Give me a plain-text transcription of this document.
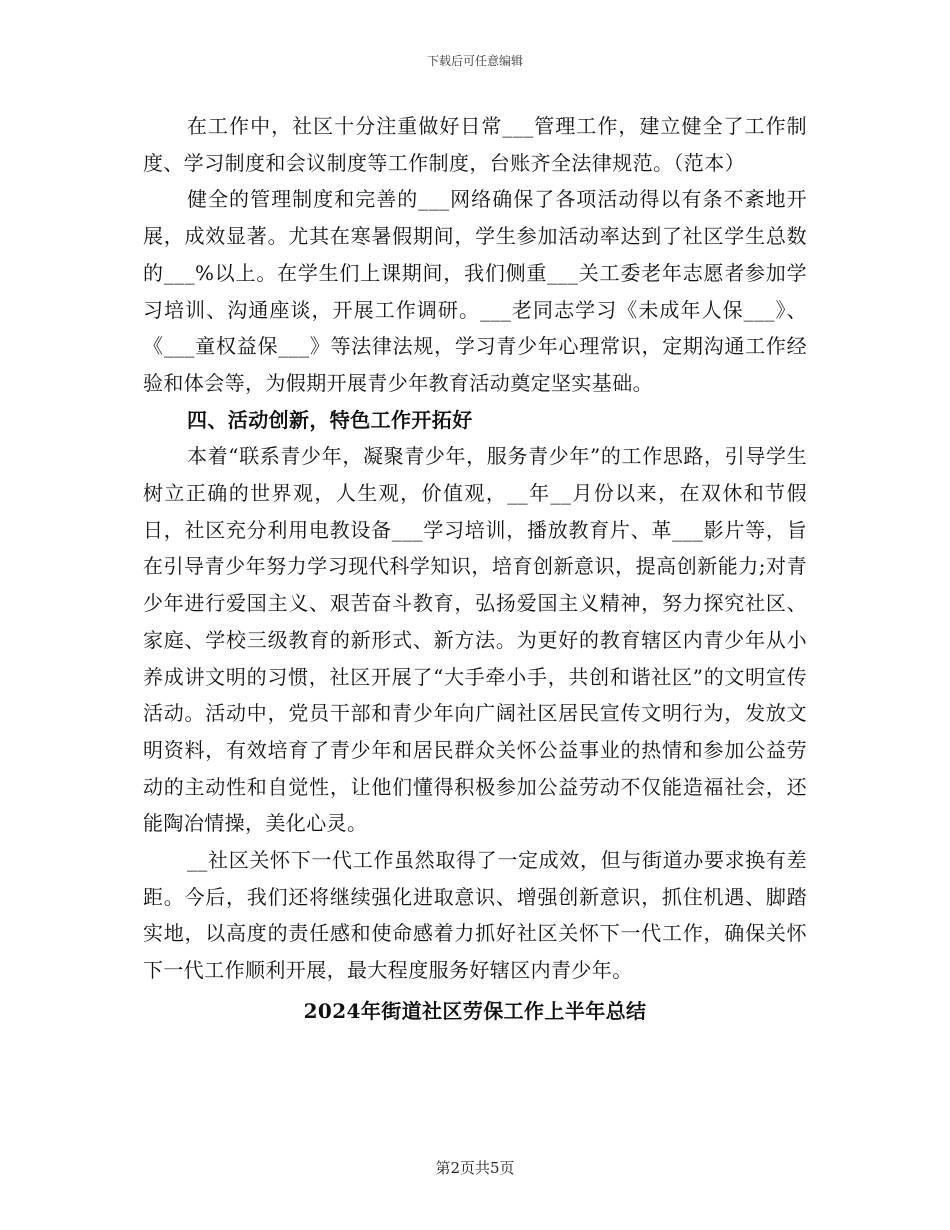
下载后可任意编辑

在工作中，社区十分注重做好日常___管理工作，建立健全了工作制度、学习制度和会议制度等工作制度，台账齐全法律规范。（范本）

健全的管理制度和完善的___网络确保了各项活动得以有条不紊地开展，成效显著。尤其在寒暑假期间，学生参加活动率达到了社区学生总数的___%以上。在学生们上课期间，我们侧重___关工委老年志愿者参加学习培训、沟通座谈，开展工作调研。___老同志学习《未成年人保___》、《___童权益保___》等法律法规，学习青少年心理常识，定期沟通工作经验和体会等，为假期开展青少年教育活动奠定坚实基础。

四、活动创新，特色工作开拓好

本着“联系青少年，凝聚青少年，服务青少年”的工作思路，引导学生树立正确的世界观，人生观，价值观，__年__月份以来，在双休和节假日，社区充分利用电教设备___学习培训，播放教育片、革___影片等，旨在引导青少年努力学习现代科学知识，培育创新意识，提高创新能力;对青少年进行爱国主义、艰苦奋斗教育，弘扬爱国主义精神，努力探究社区、家庭、学校三级教育的新形式、新方法。为更好的教育辖区内青少年从小养成讲文明的习惯，社区开展了“大手牵小手，共创和谐社区”的文明宣传活动。活动中，党员干部和青少年向广阔社区居民宣传文明行为，发放文明资料，有效培育了青少年和居民群众关怀公益事业的热情和参加公益劳动的主动性和自觉性，让他们懂得积极参加公益劳动不仅能造福社会，还能陶冶情操，美化心灵。

__社区关怀下一代工作虽然取得了一定成效，但与街道办要求换有差距。今后，我们还将继续强化进取意识、增强创新意识，抓住机遇、脚踏实地，以高度的责任感和使命感着力抓好社区关怀下一代工作，确保关怀下一代工作顺利开展，最大程度服务好辖区内青少年。

2024年街道社区劳保工作上半年总结

第2页共5页
